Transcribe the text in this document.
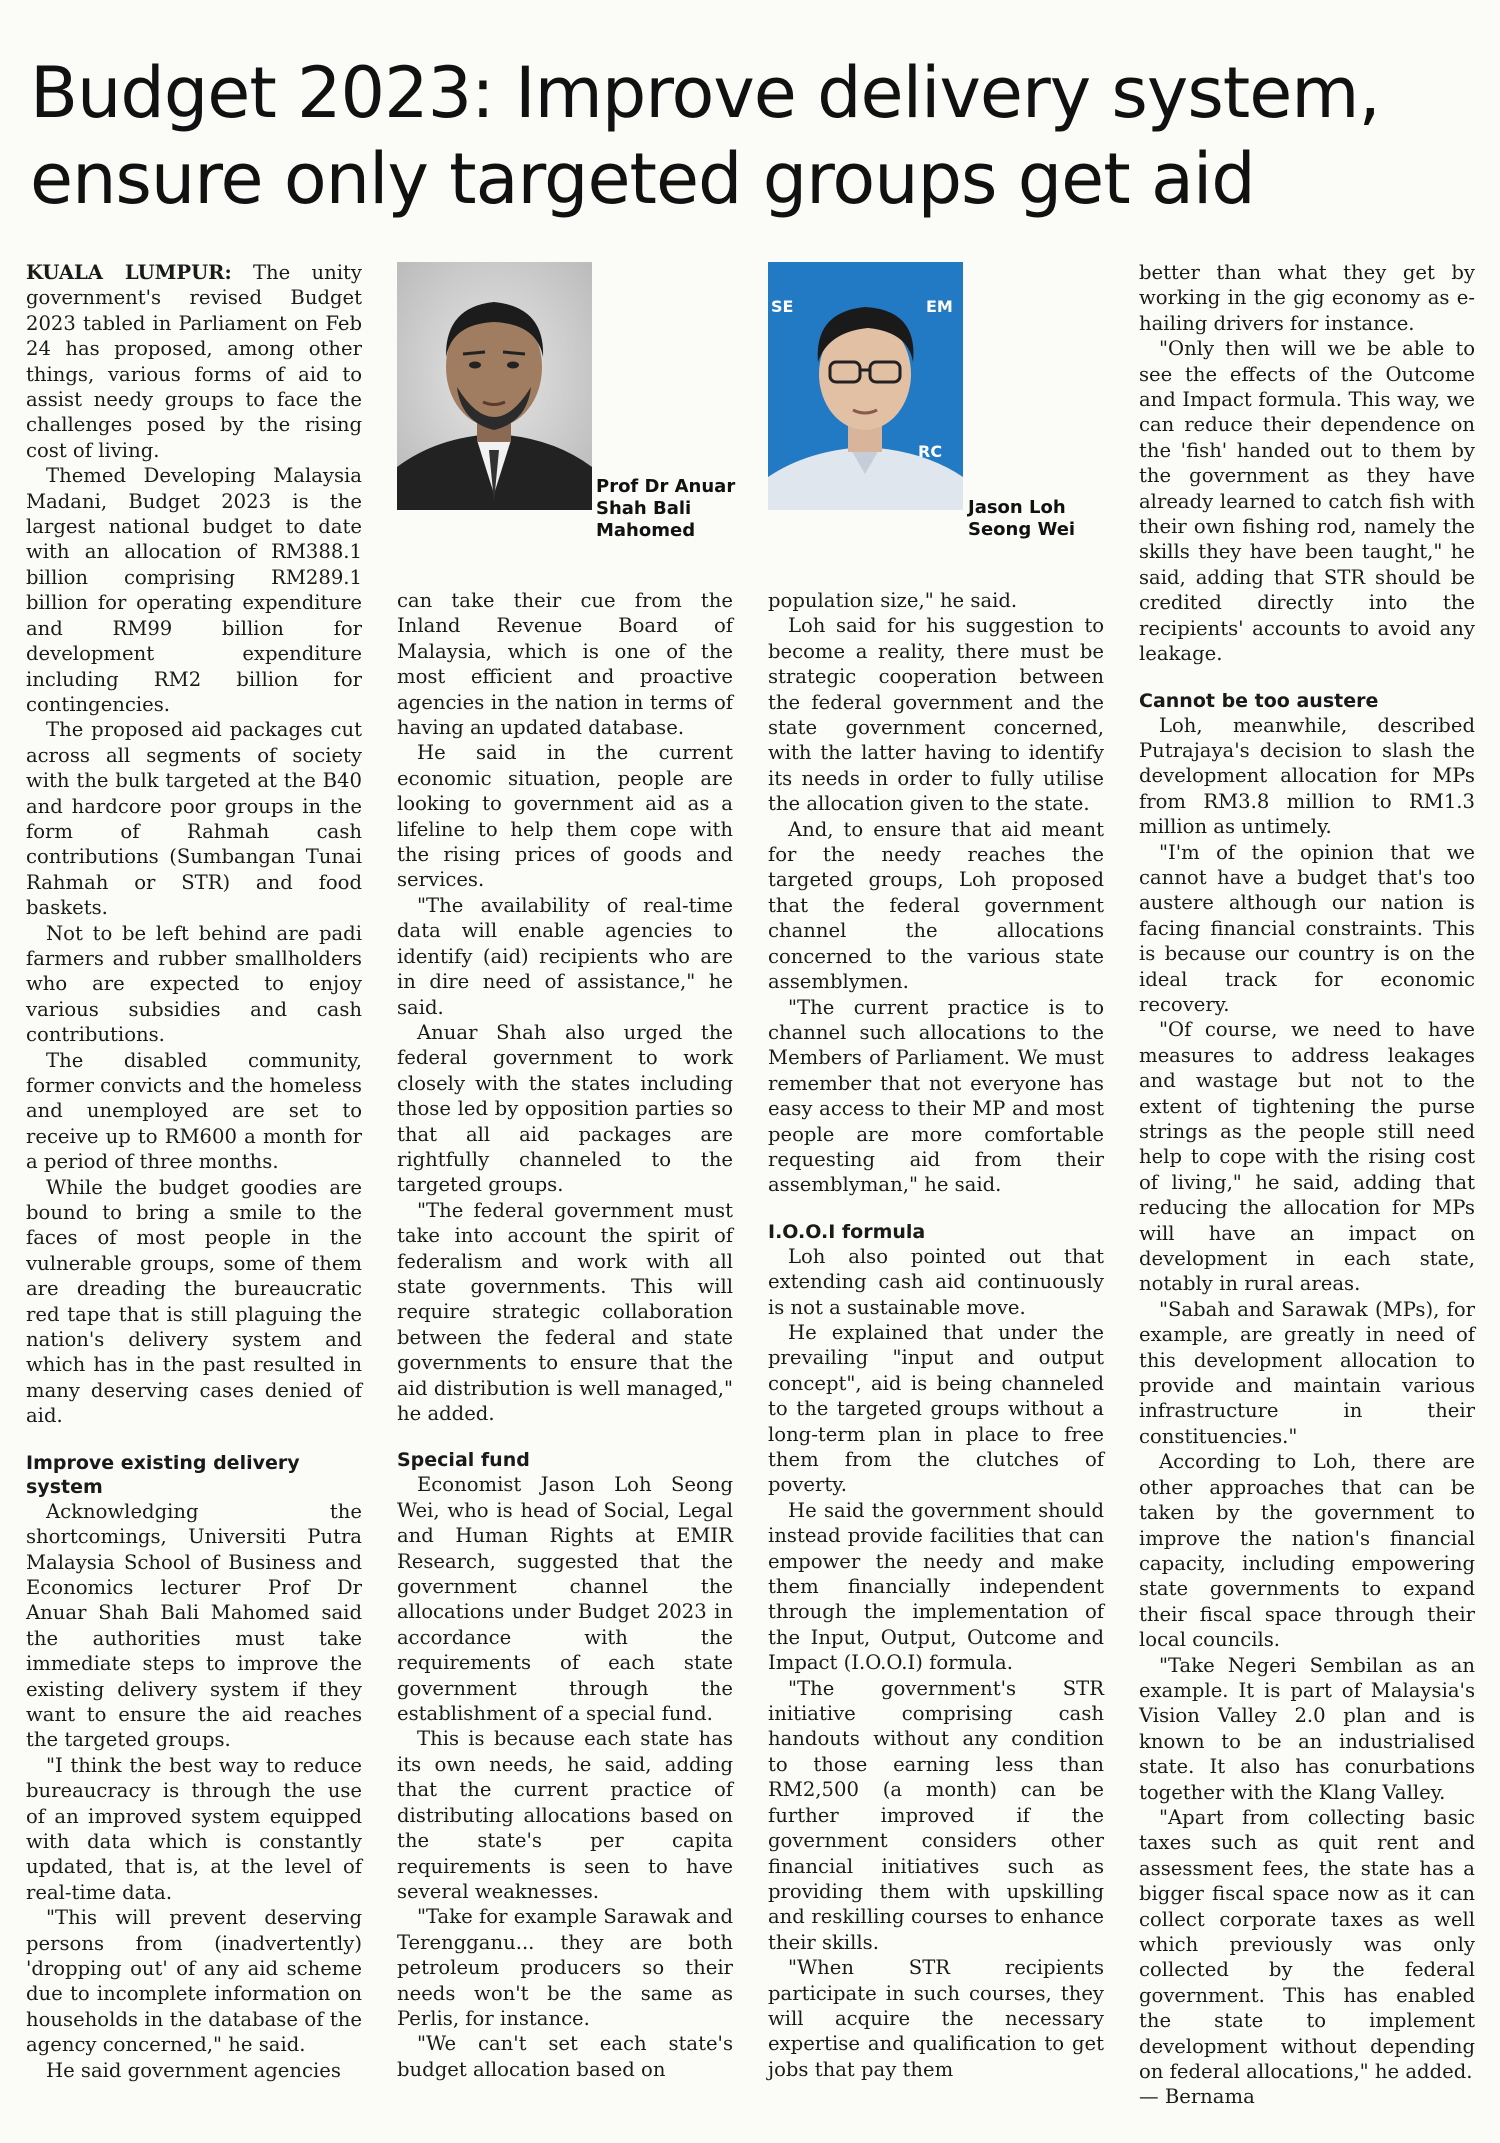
Budget 2023: Improve delivery system,
ensure only targeted groups get aid
Prof Dr Anuar Shah Bali Mahomed
SE	EM
RC
Jason Loh Seong Wei

KUALA LUMPUR: The unity government's revised Budget 2023 tabled in Parliament on Feb 24 has proposed, among other things, various forms of aid to assist needy groups to face the challenges posed by the rising cost of living.

Themed Developing Malaysia Madani, Budget 2023 is the largest national budget to date with an allocation of RM388.1 billion comprising RM289.1 billion for operating expenditure and RM99 billion for development expenditure including RM2 billion for contingencies.

The proposed aid packages cut across all segments of society with the bulk targeted at the B40 and hardcore poor groups in the form of Rahmah cash contributions (Sumbangan Tunai Rahmah or STR) and food baskets.

Not to be left behind are padi farmers and rubber smallholders who are expected to enjoy various subsidies and cash contributions.

The disabled community, former convicts and the homeless and unemployed are set to receive up to RM600 a month for a period of three months.

While the budget goodies are bound to bring a smile to the faces of most people in the vulnerable groups, some of them are dreading the bureaucratic red tape that is still plaguing the nation's delivery system and which has in the past resulted in many deserving cases denied of aid.

Improve existing delivery system

Acknowledging the shortcomings, Universiti Putra Malaysia School of Business and Economics lecturer Prof Dr Anuar Shah Bali Mahomed said the authorities must take immediate steps to improve the existing delivery system if they want to ensure the aid reaches the targeted groups.

"I think the best way to reduce bureaucracy is through the use of an improved system equipped with data which is constantly updated, that is, at the level of real-time data.

"This will prevent deserving persons from (inadvertently) 'dropping out' of any aid scheme due to incomplete information on households in the database of the agency concerned," he said.

He said government agencies

can take their cue from the Inland Revenue Board of Malaysia, which is one of the most efficient and proactive agencies in the nation in terms of having an updated database.

He said in the current economic situation, people are looking to government aid as a lifeline to help them cope with the rising prices of goods and services.

"The availability of real-time data will enable agencies to identify (aid) recipients who are in dire need of assistance," he said.

Anuar Shah also urged the federal government to work closely with the states including those led by opposition parties so that all aid packages are rightfully channeled to the targeted groups.

"The federal government must take into account the spirit of federalism and work with all state governments. This will require strategic collaboration between the federal and state governments to ensure that the aid distribution is well managed," he added.

Special fund

Economist Jason Loh Seong Wei, who is head of Social, Legal and Human Rights at EMIR Research, suggested that the government channel the allocations under Budget 2023 in accordance with the requirements of each state government through the establishment of a special fund.

This is because each state has its own needs, he said, adding that the current practice of distributing allocations based on the state's per capita requirements is seen to have several weaknesses.

"Take for example Sarawak and Terengganu... they are both petroleum producers so their needs won't be the same as Perlis, for instance.

"We can't set each state's budget allocation based on

population size," he said.

Loh said for his suggestion to become a reality, there must be strategic cooperation between the federal government and the state government concerned, with the latter having to identify its needs in order to fully utilise the allocation given to the state.

And, to ensure that aid meant for the needy reaches the targeted groups, Loh proposed that the federal government channel the allocations concerned to the various state assemblymen.

"The current practice is to channel such allocations to the Members of Parliament. We must remember that not everyone has easy access to their MP and most people are more comfortable requesting aid from their assemblyman," he said.

I.O.O.I formula

Loh also pointed out that extending cash aid continuously is not a sustainable move.

He explained that under the prevailing "input and output concept", aid is being channeled to the targeted groups without a long-term plan in place to free them from the clutches of poverty.

He said the government should instead provide facilities that can empower the needy and make them financially independent through the implementation of the Input, Output, Outcome and Impact (I.O.O.I) formula.

"The government's STR initiative comprising cash handouts without any condition to those earning less than RM2,500 (a month) can be further improved if the government considers other financial initiatives such as providing them with upskilling and reskilling courses to enhance their skills.

"When STR recipients participate in such courses, they will acquire the necessary expertise and qualification to get jobs that pay them

better than what they get by working in the gig economy as e-hailing drivers for instance.

"Only then will we be able to see the effects of the Outcome and Impact formula. This way, we can reduce their dependence on the 'fish' handed out to them by the government as they have already learned to catch fish with their own fishing rod, namely the skills they have been taught," he said, adding that STR should be credited directly into the recipients' accounts to avoid any leakage.

Cannot be too austere

Loh, meanwhile, described Putrajaya's decision to slash the development allocation for MPs from RM3.8 million to RM1.3 million as untimely.

"I'm of the opinion that we cannot have a budget that's too austere although our nation is facing financial constraints. This is because our country is on the ideal track for economic recovery.

"Of course, we need to have measures to address leakages and wastage but not to the extent of tightening the purse strings as the people still need help to cope with the rising cost of living," he said, adding that reducing the allocation for MPs will have an impact on development in each state, notably in rural areas.

"Sabah and Sarawak (MPs), for example, are greatly in need of this development allocation to provide and maintain various infrastructure in their constituencies."

According to Loh, there are other approaches that can be taken by the government to improve the nation's financial capacity, including empowering state governments to expand their fiscal space through their local councils.

"Take Negeri Sembilan as an example. It is part of Malaysia's Vision Valley 2.0 plan and is known to be an industrialised state. It also has conurbations together with the Klang Valley.

"Apart from collecting basic taxes such as quit rent and assessment fees, the state has a bigger fiscal space now as it can collect corporate taxes as well which previously was only collected by the federal government. This has enabled the state to implement development without depending on federal allocations," he added.

— Bernama
